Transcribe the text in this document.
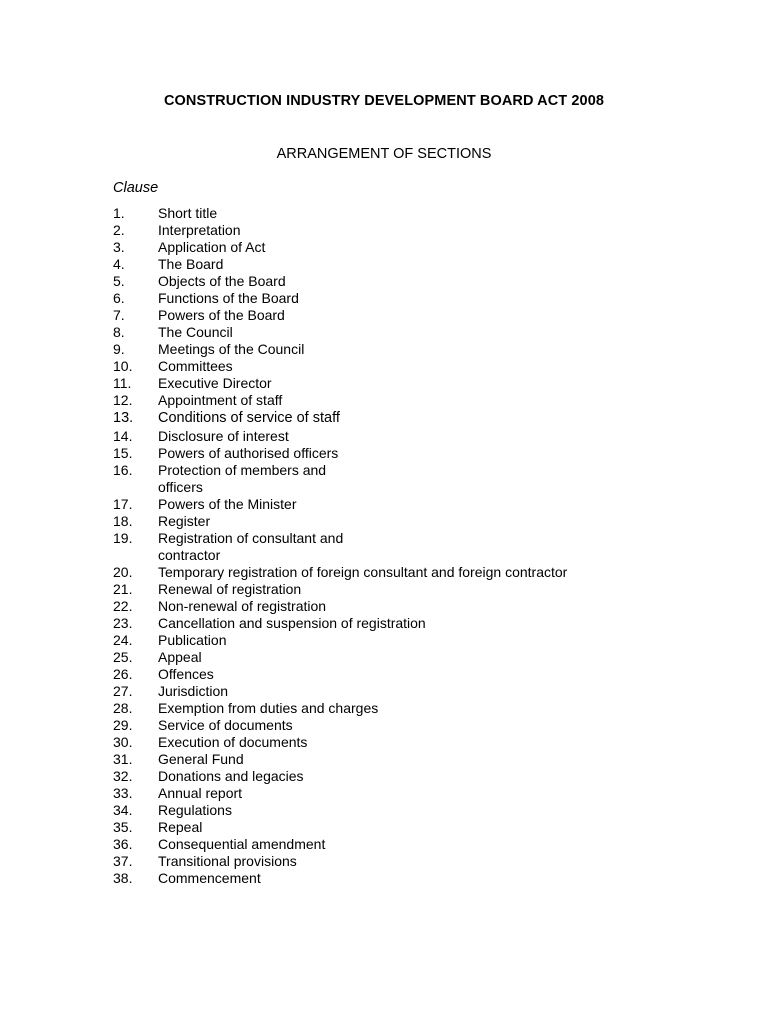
CONSTRUCTION INDUSTRY DEVELOPMENT BOARD ACT 2008
ARRANGEMENT OF SECTIONS
Clause
1.	Short title
2.	Interpretation
3.	Application of Act
4.	The Board
5.	Objects of the Board
6.	Functions of the Board
7.	Powers of the Board
8.	The Council
9.	Meetings of the Council
10.	Committees
11.	Executive Director
12.	Appointment of staff
13.	Conditions of service of staff
14.	Disclosure of interest
15.	Powers of authorised officers
16.	Protection of members and officers
17.	Powers of the Minister
18.	Register
19.	Registration of consultant and contractor
20.	Temporary registration of foreign consultant and foreign contractor
21.	Renewal of registration
22.	Non-renewal of registration
23.	Cancellation and suspension of registration
24.	Publication
25.	Appeal
26.	Offences
27.	Jurisdiction
28.	Exemption from duties and charges
29.	Service of documents
30.	Execution of documents
31.	General Fund
32.	Donations and legacies
33.	Annual report
34.	Regulations
35.	Repeal
36.	Consequential amendment
37.	Transitional provisions
38.	Commencement
